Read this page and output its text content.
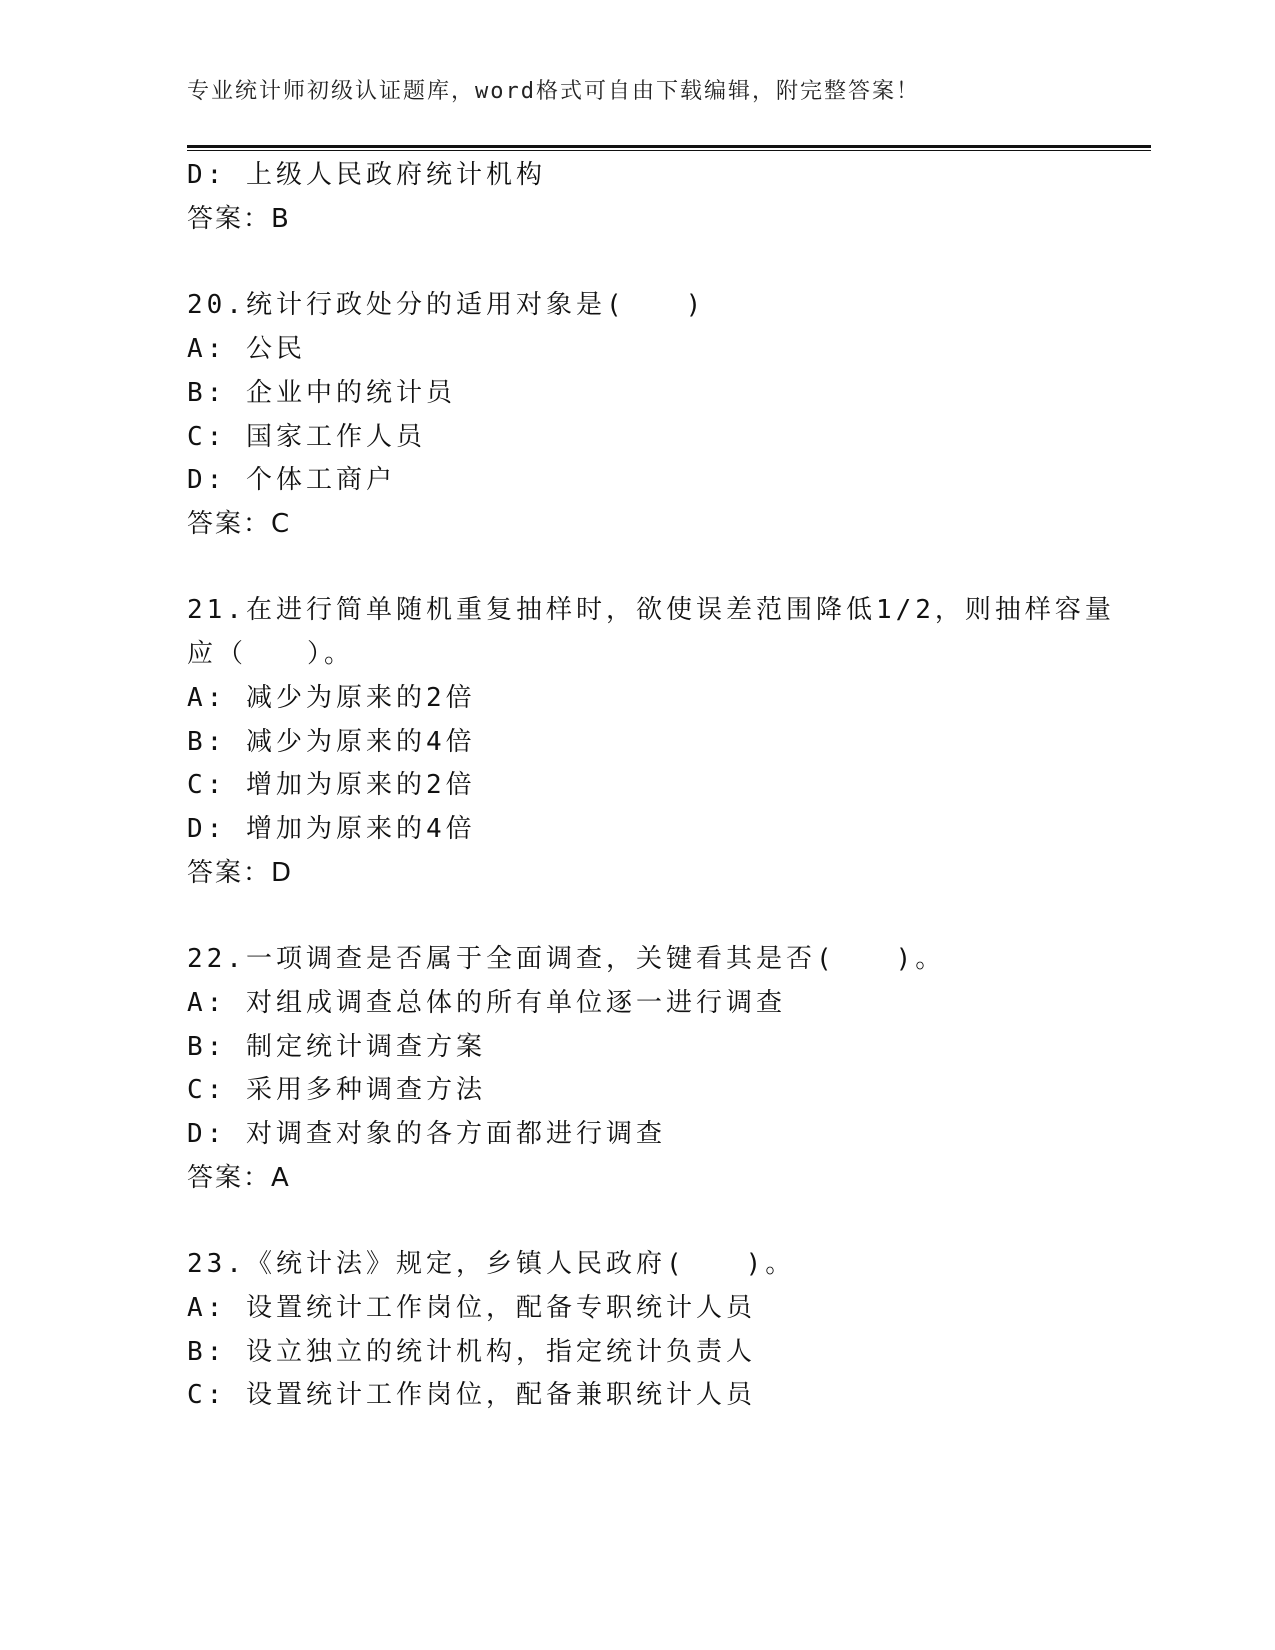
专业统计师初级认证题库，word格式可自由下载编辑，附完整答案！
D: 上级人民政府统计机构
答案：B
20.统计行政处分的适用对象是(　　)
A: 公民
B: 企业中的统计员
C: 国家工作人员
D: 个体工商户
答案：C
21.在进行简单随机重复抽样时，欲使误差范围降低1/2，则抽样容量
应（　　）。
A: 减少为原来的2倍
B: 减少为原来的4倍
C: 增加为原来的2倍
D: 增加为原来的4倍
答案：D
22.一项调查是否属于全面调查，关键看其是否(　　)。
A: 对组成调查总体的所有单位逐一进行调查
B: 制定统计调查方案
C: 采用多种调查方法
D: 对调查对象的各方面都进行调查
答案：A
23.《统计法》规定，乡镇人民政府(　　)。
A: 设置统计工作岗位，配备专职统计人员
B: 设立独立的统计机构，指定统计负责人
C: 设置统计工作岗位，配备兼职统计人员
